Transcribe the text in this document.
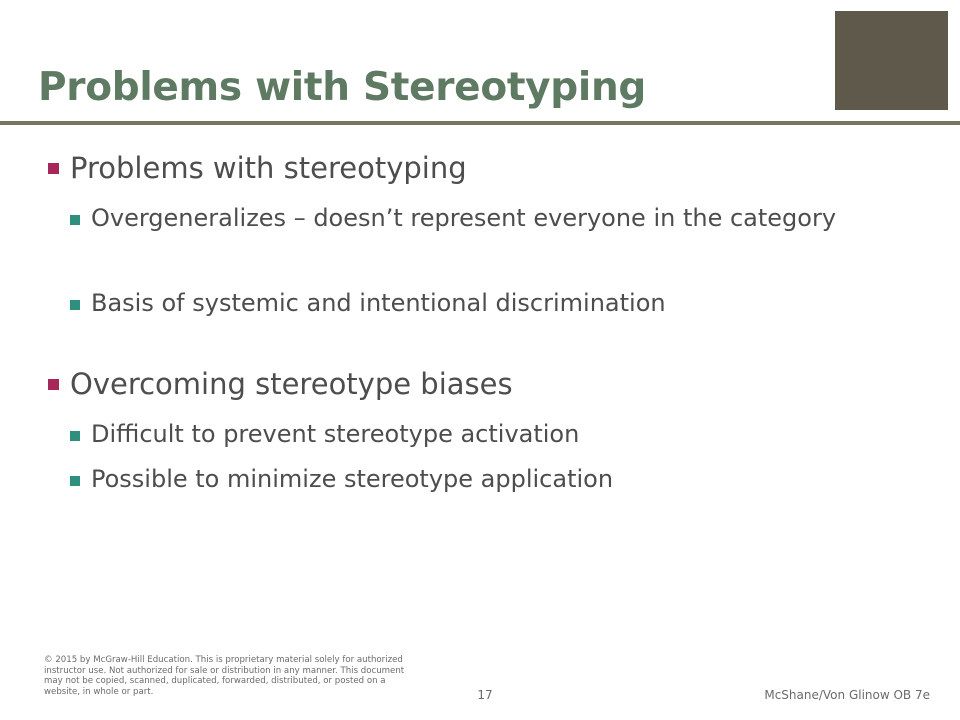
Problems with Stereotyping
Problems with stereotyping
Overgeneralizes – doesn’t represent everyone in the category
Basis of systemic and intentional discrimination
Overcoming stereotype biases
Difficult to prevent stereotype activation
Possible to minimize stereotype application
© 2015 by McGraw-Hill Education. This is proprietary material solely for authorized instructor use. Not authorized for sale or distribution in any manner. This document may not be copied, scanned, duplicated, forwarded, distributed, or posted on a website, in whole or part.	17	McShane/Von Glinow OB 7e
